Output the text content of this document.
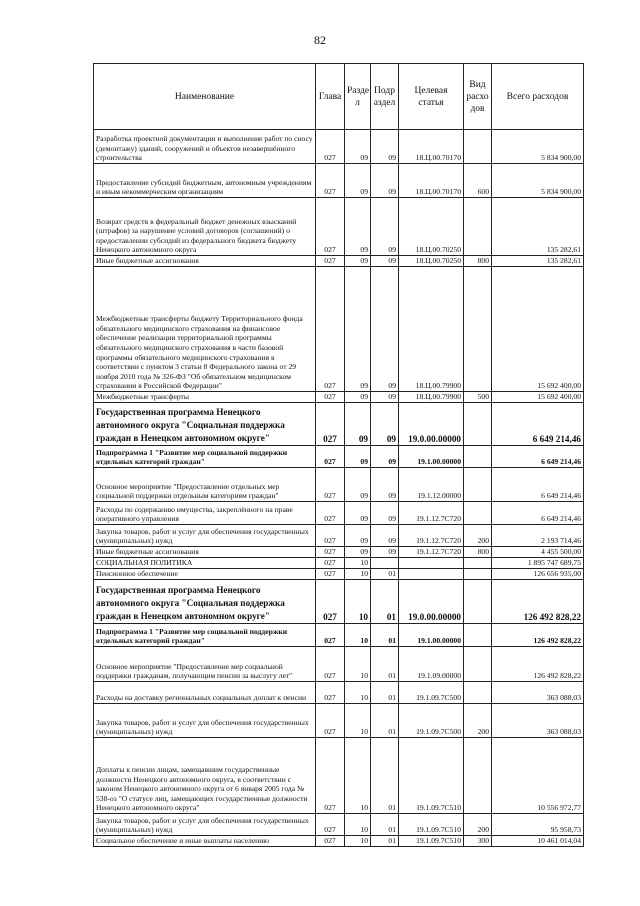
82
Наименование	Глава	Разде л	Подр аздел	Целевая статья	Вид расхо дов	Всего расходов
Разработка проектной документации и выполнение работ по сносу (демонтажу) зданий, сооружений и объектов незавершённого строительства	027	09	09	18.Ц.00.70170		5 834 900,00
Предоставление субсидий бюджетным, автономным учреждениям и иным некоммерческим организациям	027	09	09	18.Ц.00.70170	600	5 834 900,00
Возврат средств в федеральный бюджет денежных взысканий (штрафов) за нарушение условий договоров (соглашений) о предоставлении субсидий из федерального бюджета бюджету Ненецкого автономного округа	027	09	09	18.Ц.00.70250		135 282,61
Иные бюджетные ассигнования	027	09	09	18.Ц.00.70250	800	135 282,61
Межбюджетные трансферты бюджету Территориального фонда обязательного медицинского страхования на финансовое обеспечение реализации территориальной программы обязательного медицинского страхования в части базовой программы обязательного медицинского страхования в соответствии с пунктом 3 статьи 8 Федерального закона от 29 ноября 2010 года № 326-ФЗ "Об обязательном медицинском страховании в Российской Федерации"	027	09	09	18.Ц.00.79900		15 692 400,00
Межбюджетные трансферты	027	09	09	18.Ц.00.79900	500	15 692 400,00
Государственная программа Ненецкого автономного округа "Социальная поддержка граждан в Ненецком автономном округе"	027	09	09	19.0.00.00000		6 649 214,46
Подпрограмма 1 "Развитие мер социальной поддержки отдельных категорий граждан"	027	09	09	19.1.00.00000		6 649 214,46
Основное мероприятие "Предоставление отдельных мер социальной поддержки отдельным категориям граждан"	027	09	09	19.1.12.00000		6 649 214,46
Расходы по содержанию имущества, закреплённого на праве оперативного управления	027	09	09	19.1.12.7С720		6 649 214,46
Закупка товаров, работ и услуг для обеспечения государственных (муниципальных) нужд	027	09	09	19.1.12.7С720	200	2 193 714,46
Иные бюджетные ассигнования	027	09	09	19.1.12.7С720	800	4 455 500,00
СОЦИАЛЬНАЯ ПОЛИТИКА	027	10				1 895 747 689,75
Пенсионное обеспечение	027	10	01			126 656 935,00
Государственная программа Ненецкого автономного округа "Социальная поддержка граждан в Ненецком автономном округе"	027	10	01	19.0.00.00000		126 492 828,22
Подпрограмма 1 "Развитие мер социальной поддержки отдельных категорий граждан"	027	10	01	19.1.00.00000		126 492 828,22
Основное мероприятие "Предоставление мер социальной поддержки гражданам, получающим пенсии за выслугу лет"	027	10	01	19.1.09.00000		126 492 828,22
Расходы на доставку региональных социальных доплат к пенсии	027	10	01	19.1.09.7С500		363 088,03
Закупка товаров, работ и услуг для обеспечения государственных (муниципальных) нужд	027	10	01	19.1.09.7С500	200	363 088,03
Доплаты к пенсии лицам, замещавшим государственные должности Ненецкого автономного округа, в соответствии с законом Ненецкого автономного округа от 6 января 2005 года № 538-оз "О статусе лиц, замещающих государственные должности Ненецкого автономного округа"	027	10	01	19.1.09.7С510		10 556 972,77
Закупка товаров, работ и услуг для обеспечения государственных (муниципальных) нужд	027	10	01	19.1.09.7С510	200	95 958,73
Социальное обеспечение и иные выплаты населению	027	10	01	19.1.09.7С510	300	10 461 014,04
